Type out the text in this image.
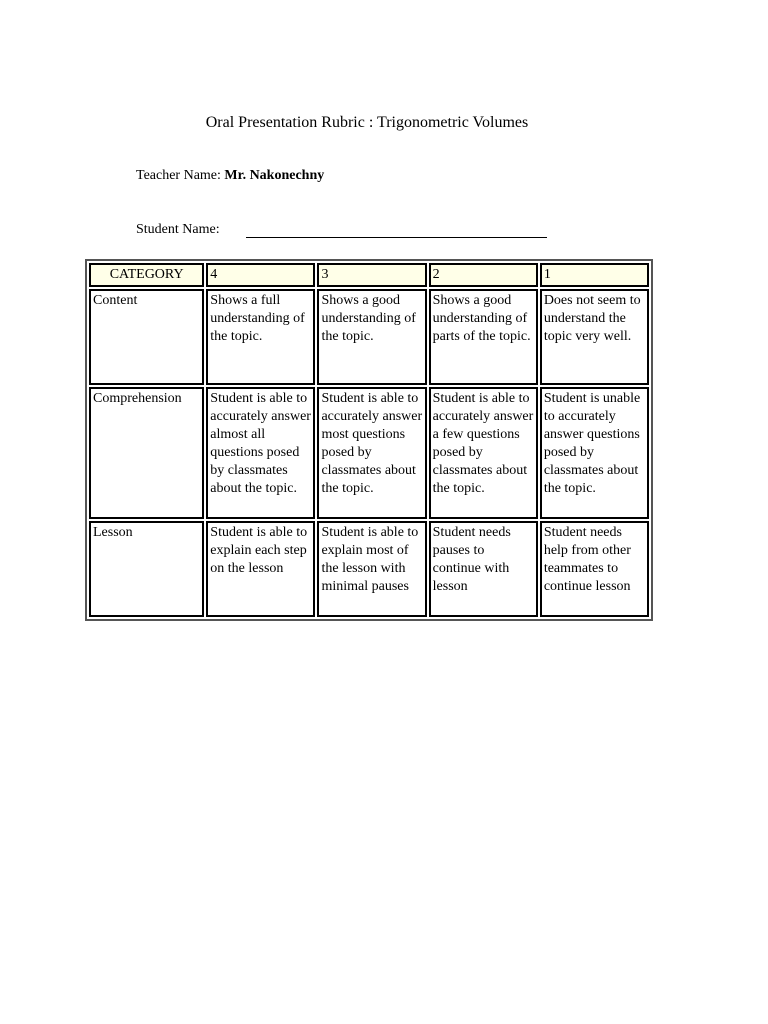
Oral Presentation Rubric : Trigonometric Volumes
Teacher Name: Mr. Nakonechny
Student Name:
CATEGORY	4	3	2	1
Content	Shows a full understanding of the topic.	Shows a good understanding of the topic.	Shows a good understanding of parts of the topic.	Does not seem to understand the topic very well.
Comprehension	Student is able to accurately answer almost all questions posed by classmates about the topic.	Student is able to accurately answer most questions posed by classmates about the topic.	Student is able to accurately answer a few questions posed by classmates about the topic.	Student is unable to accurately answer questions posed by classmates about the topic.
Lesson	Student is able to explain each step on the lesson	Student is able to explain most of the lesson with minimal pauses	Student needs pauses to continue with lesson	Student needs help from other teammates to continue lesson
